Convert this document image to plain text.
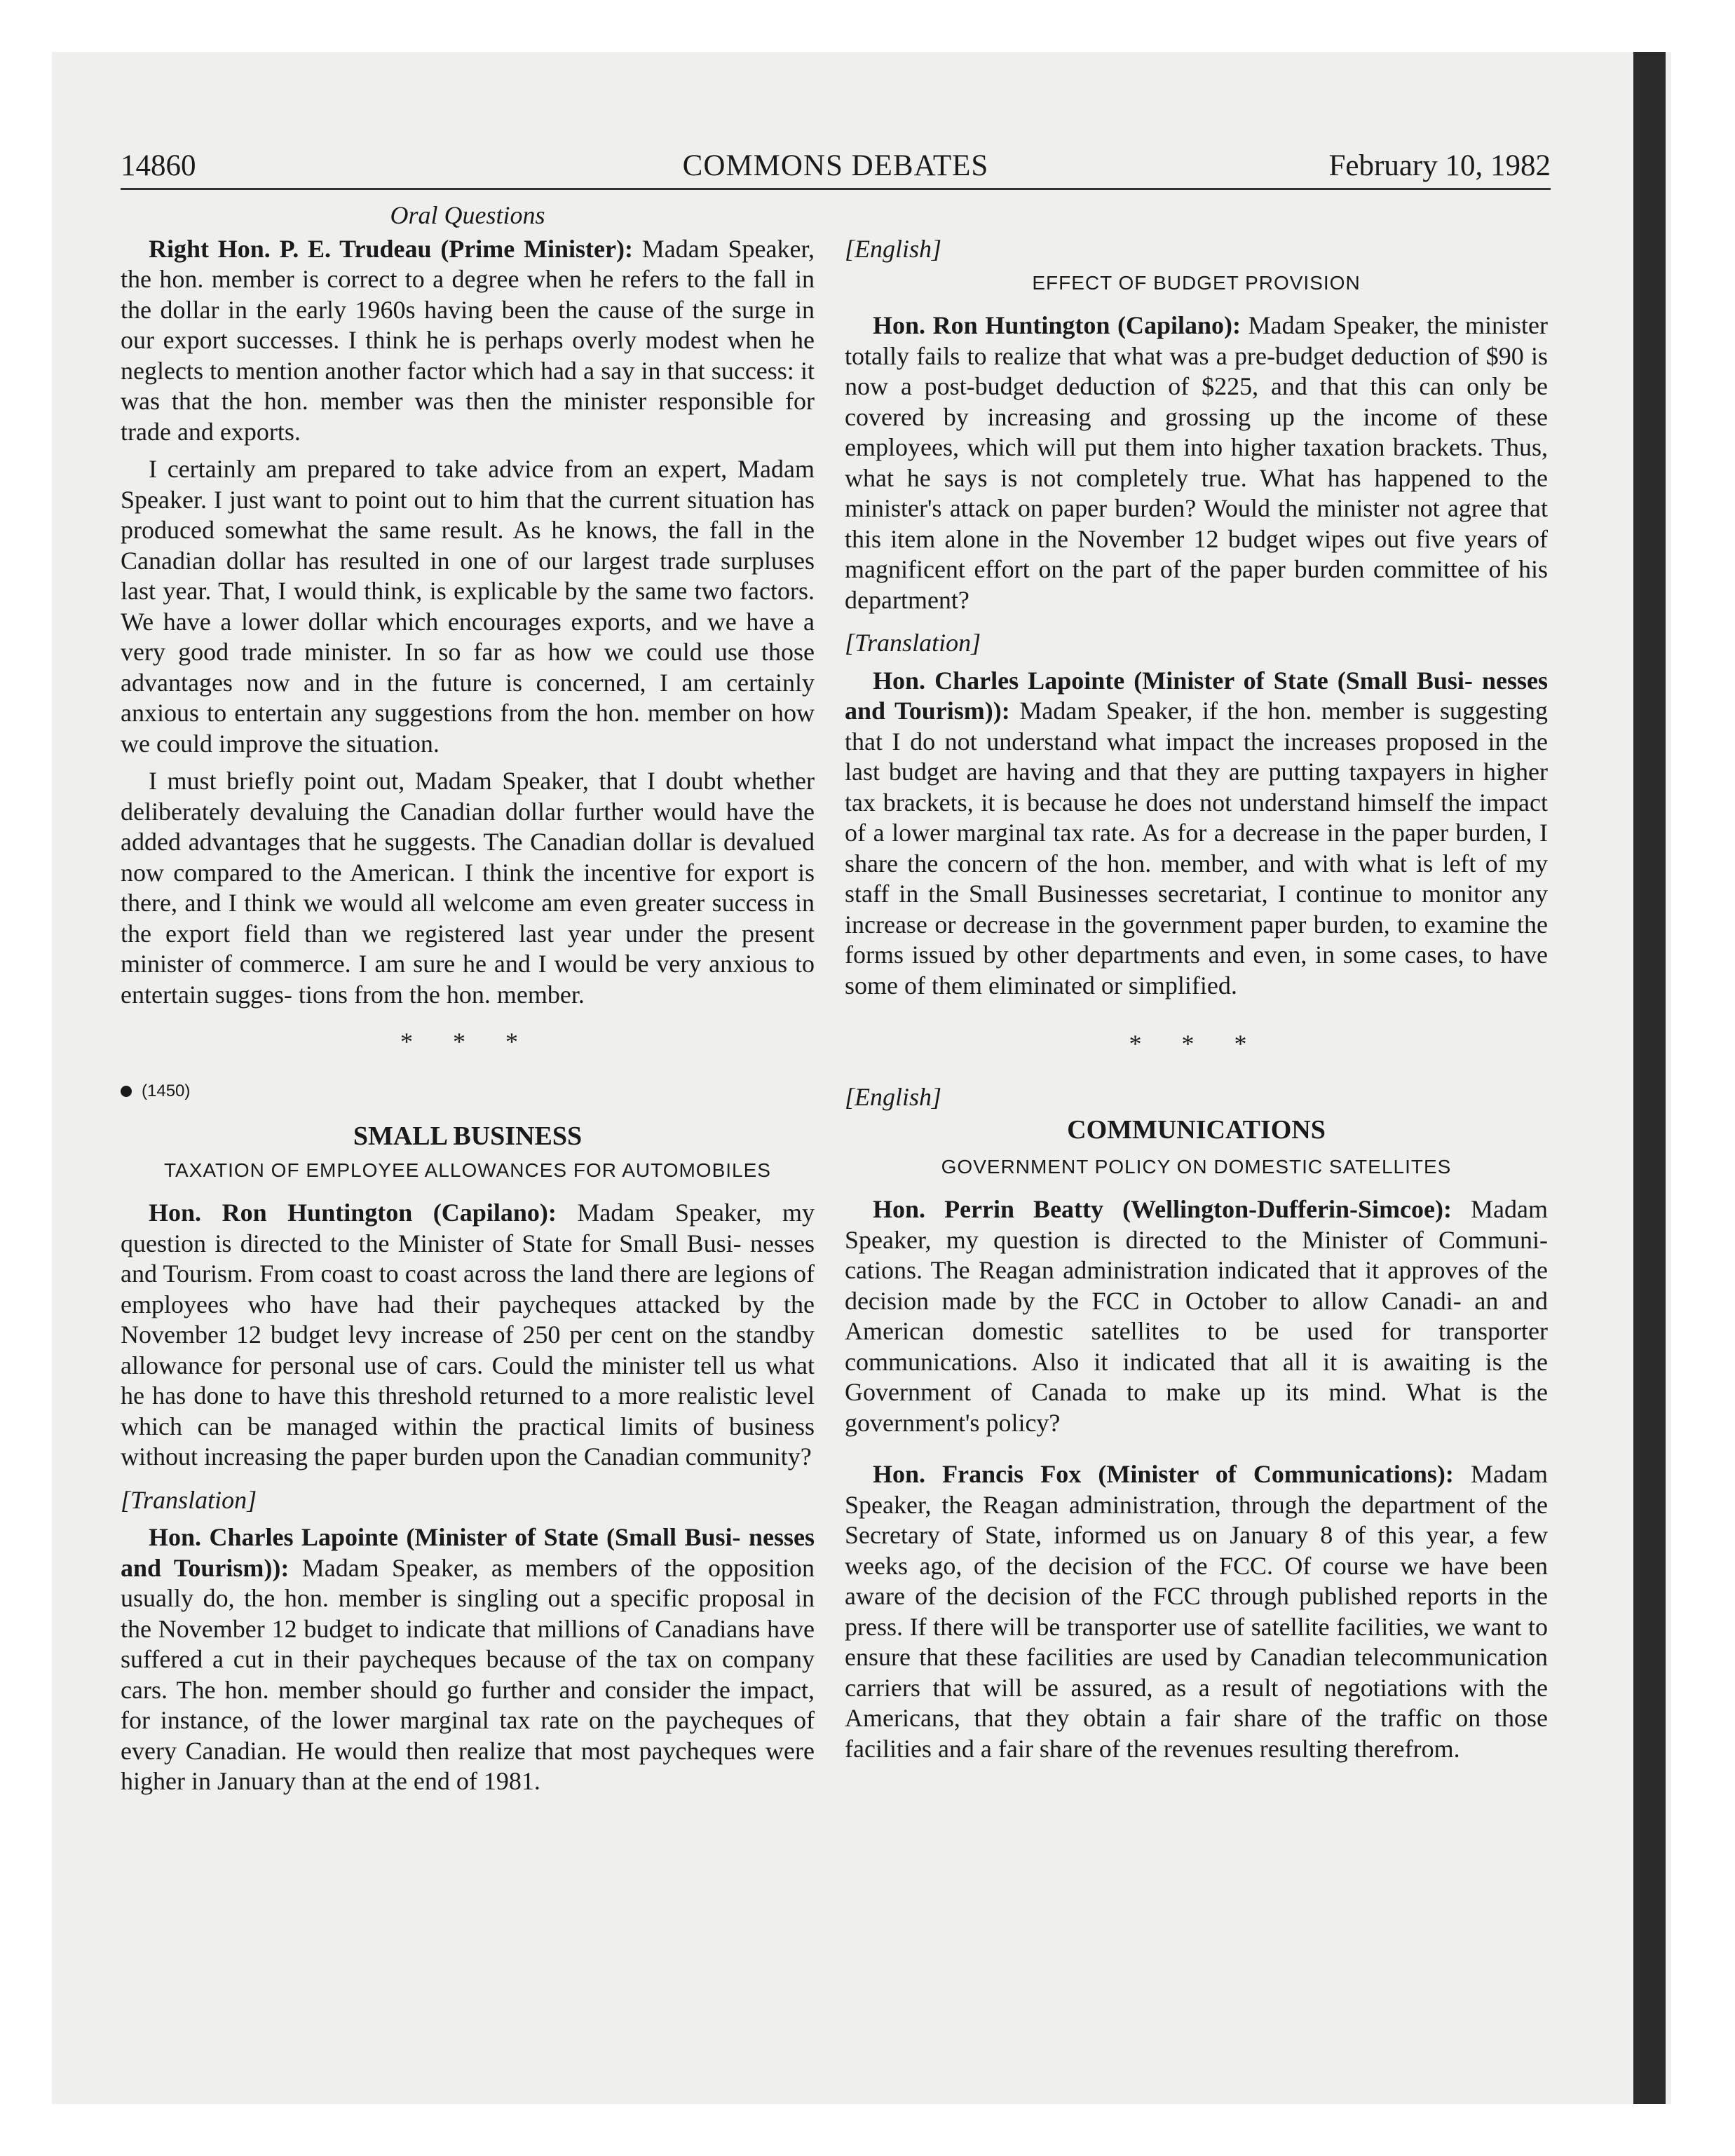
14860	COMMONS DEBATES	February 10, 1982
Oral Questions

Right Hon. P. E. Trudeau (Prime Minister): Madam Speaker, the hon. member is correct to a degree when he refers to the fall in the dollar in the early 1960s having been the cause of the surge in our export successes. I think he is perhaps overly modest when he neglects to mention another factor which had a say in that success: it was that the hon. member was then the minister responsible for trade and exports.

I certainly am prepared to take advice from an expert, Madam Speaker. I just want to point out to him that the current situation has produced somewhat the same result. As he knows, the fall in the Canadian dollar has resulted in one of our largest trade surpluses last year. That, I would think, is explicable by the same two factors. We have a lower dollar which encourages exports, and we have a very good trade minister. In so far as how we could use those advantages now and in the future is concerned, I am certainly anxious to entertain any suggestions from the hon. member on how we could improve the situation.

I must briefly point out, Madam Speaker, that I doubt whether deliberately devaluing the Canadian dollar further would have the added advantages that he suggests. The Canadian dollar is devalued now compared to the American. I think the incentive for export is there, and I think we would all welcome am even greater success in the export field than we registered last year under the present minister of commerce. I am sure he and I would be very anxious to entertain sugges- tions from the hon. member.

* * *

(1450)

SMALL BUSINESS

TAXATION OF EMPLOYEE ALLOWANCES FOR AUTOMOBILES

Hon. Ron Huntington (Capilano): Madam Speaker, my question is directed to the Minister of State for Small Busi- nesses and Tourism. From coast to coast across the land there are legions of employees who have had their paycheques attacked by the November 12 budget levy increase of 250 per cent on the standby allowance for personal use of cars. Could the minister tell us what he has done to have this threshold returned to a more realistic level which can be managed within the practical limits of business without increasing the paper burden upon the Canadian community?

[Translation]

Hon. Charles Lapointe (Minister of State (Small Busi- nesses and Tourism)): Madam Speaker, as members of the opposition usually do, the hon. member is singling out a specific proposal in the November 12 budget to indicate that millions of Canadians have suffered a cut in their paycheques because of the tax on company cars. The hon. member should go further and consider the impact, for instance, of the lower marginal tax rate on the paycheques of every Canadian. He would then realize that most paycheques were higher in January than at the end of 1981.

[English]

EFFECT OF BUDGET PROVISION

Hon. Ron Huntington (Capilano): Madam Speaker, the minister totally fails to realize that what was a pre-budget deduction of $90 is now a post-budget deduction of $225, and that this can only be covered by increasing and grossing up the income of these employees, which will put them into higher taxation brackets. Thus, what he says is not completely true. What has happened to the minister's attack on paper burden? Would the minister not agree that this item alone in the November 12 budget wipes out five years of magnificent effort on the part of the paper burden committee of his department?

[Translation]

Hon. Charles Lapointe (Minister of State (Small Busi- nesses and Tourism)): Madam Speaker, if the hon. member is suggesting that I do not understand what impact the increases proposed in the last budget are having and that they are putting taxpayers in higher tax brackets, it is because he does not understand himself the impact of a lower marginal tax rate. As for a decrease in the paper burden, I share the concern of the hon. member, and with what is left of my staff in the Small Businesses secretariat, I continue to monitor any increase or decrease in the government paper burden, to examine the forms issued by other departments and even, in some cases, to have some of them eliminated or simplified.

* * *

[English]

COMMUNICATIONS

GOVERNMENT POLICY ON DOMESTIC SATELLITES

Hon. Perrin Beatty (Wellington-Dufferin-Simcoe): Madam Speaker, my question is directed to the Minister of Communi- cations. The Reagan administration indicated that it approves of the decision made by the FCC in October to allow Canadi- an and American domestic satellites to be used for transporter communications. Also it indicated that all it is awaiting is the Government of Canada to make up its mind. What is the government's policy?

Hon. Francis Fox (Minister of Communications): Madam Speaker, the Reagan administration, through the department of the Secretary of State, informed us on January 8 of this year, a few weeks ago, of the decision of the FCC. Of course we have been aware of the decision of the FCC through published reports in the press. If there will be transporter use of satellite facilities, we want to ensure that these facilities are used by Canadian telecommunication carriers that will be assured, as a result of negotiations with the Americans, that they obtain a fair share of the traffic on those facilities and a fair share of the revenues resulting therefrom.
